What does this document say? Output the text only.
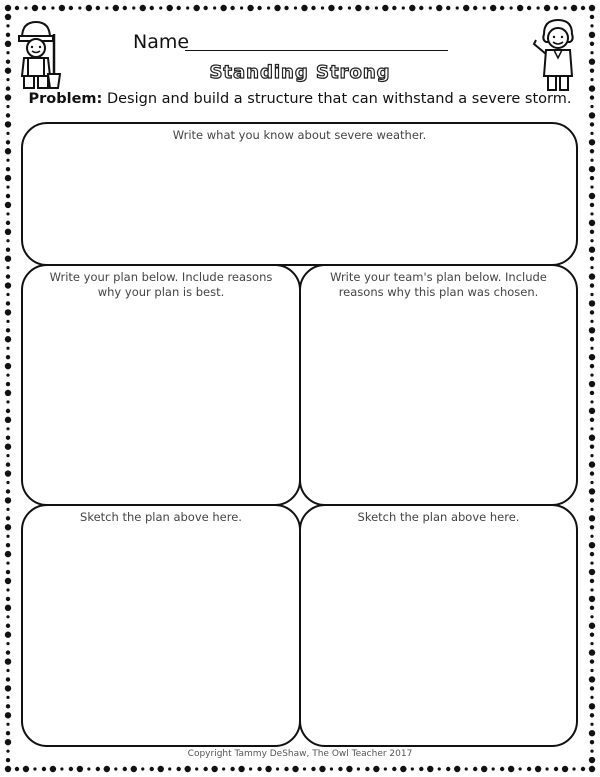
Name
Standing Strong
Problem: Design and build a structure that can withstand a severe storm.
Write what you know about severe weather.
Write your plan below. Include reasons why your plan is best.
Write your team's plan below. Include reasons why this plan was chosen.
Sketch the plan above here.	Sketch the plan above here.
Copyright Tammy DeShaw, The Owl Teacher 2017
